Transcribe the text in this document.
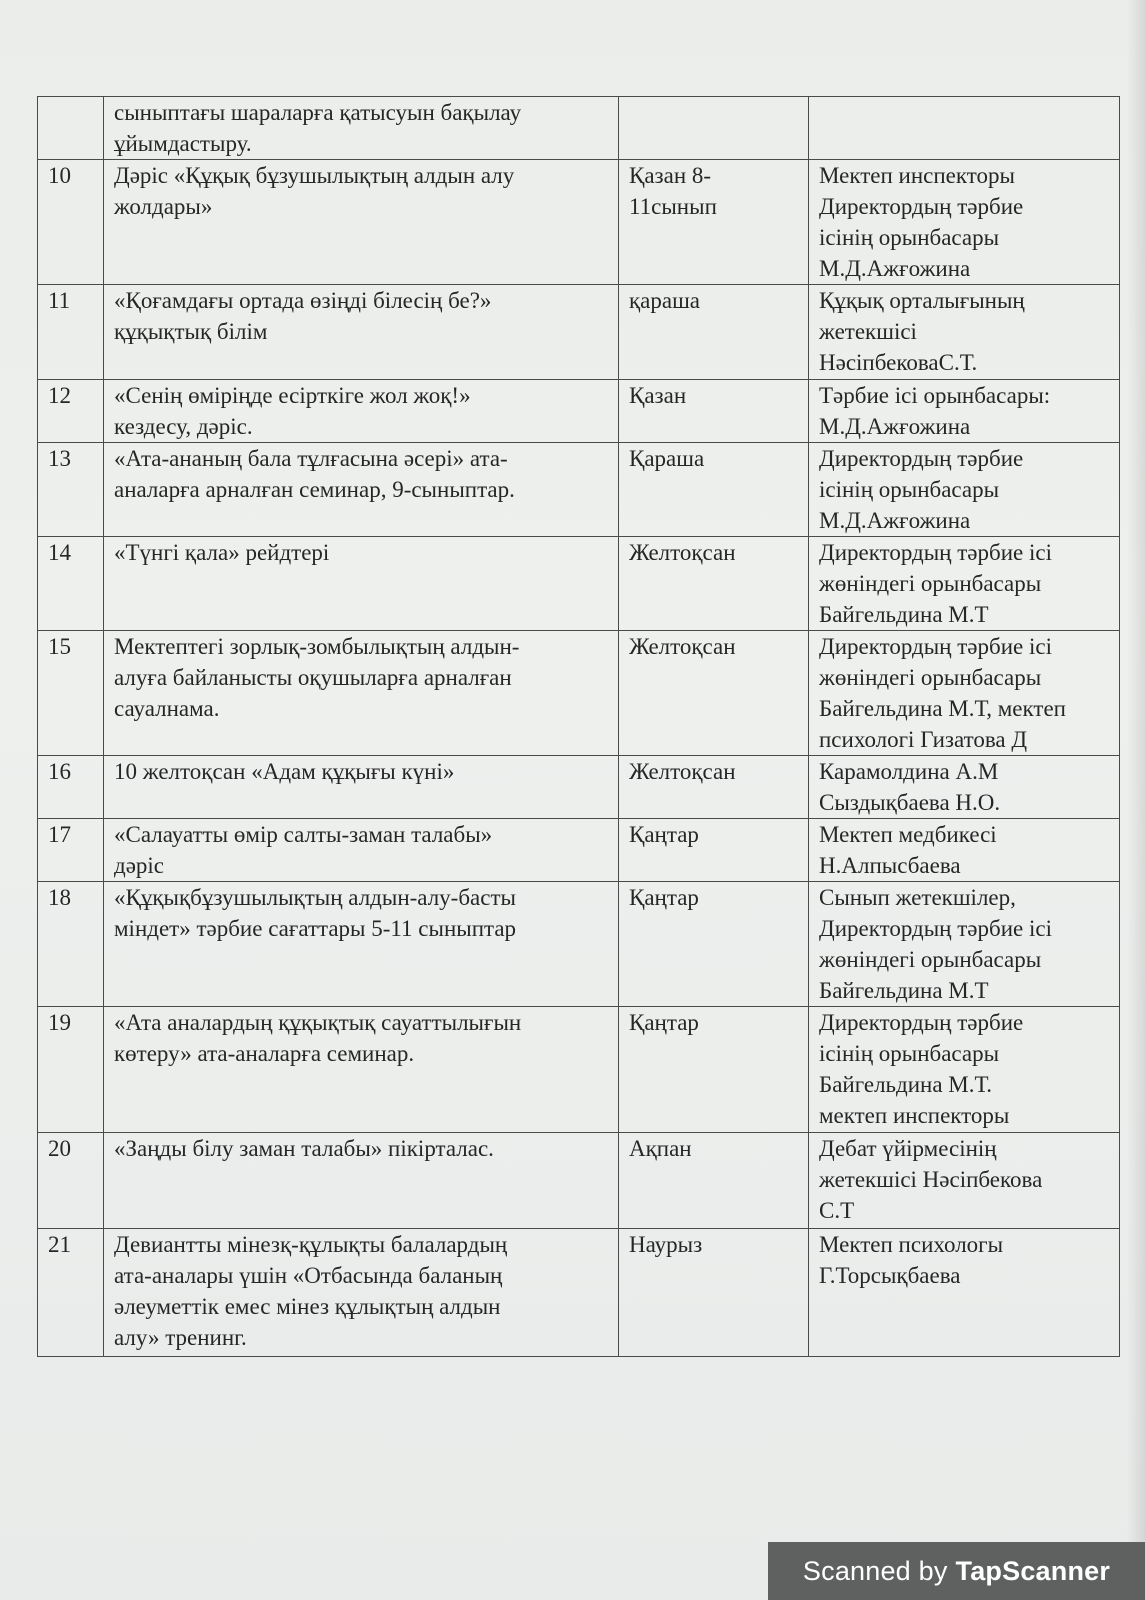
	сыныптағы шараларға қатысуын бақылау
ұйымдастыру.		

10	Дәріс «Құқық бұзушылықтың алдын алу
жолдары»	Қазан 8-
11сынып	Мектеп инспекторы
Директордың тәрбие
ісінің орынбасары
М.Д.Ажғожина

11	«Қоғамдағы ортада өзіңді білесің бе?»
құқықтық білім	қараша	Құқық орталығының
жетекшісі
НәсіпбековаС.Т.

12	«Сенің өміріңде есірткіге жол жоқ!»
кездесу, дәріс.	Қазан	Тәрбие ісі орынбасары:
М.Д.Ажғожина

13	«Ата-ананың бала тұлғасына әсері» ата-
аналарға арналған семинар, 9-сыныптар.	Қараша	Директордың тәрбие
ісінің орынбасары
М.Д.Ажғожина

14	«Түнгі қала» рейдтері	Желтоқсан	Директордың тәрбие ісі
жөніндегі орынбасары
Байгельдина М.Т

15	Мектептегі зорлық-зомбылықтың алдын-
алуға байланысты оқушыларға арналған
сауалнама.	Желтоқсан	Директордың тәрбие ісі
жөніндегі орынбасары
Байгельдина М.Т, мектеп
психологі Гизатова Д

16	10 желтоқсан «Адам құқығы күні»	Желтоқсан	Карамолдина А.М
Сыздықбаева Н.О.

17	«Салауатты өмір салты-заман талабы»
дәріс	Қаңтар	Мектеп медбикесі
Н.Алпысбаева

18	«Құқықбұзушылықтың алдын-алу-басты
міндет» тәрбие сағаттары 5-11 сыныптар	Қаңтар	Сынып жетекшілер,
Директордың тәрбие ісі
жөніндегі орынбасары
Байгельдина М.Т

19	«Ата аналардың құқықтық сауаттылығын
көтеру» ата-аналарға семинар.	Қаңтар	Директордың тәрбие
ісінің орынбасары
Байгельдина М.Т.
мектеп инспекторы

20	«Заңды білу заман талабы» пікірталас.	Ақпан	Дебат үйірмесінің
жетекшісі Нәсіпбекова
С.Т

21	Девиантты мінезқ-құлықты балалардың
ата-аналары үшін «Отбасында баланың
әлеуметтік емес мінез құлықтың алдын
алу» тренинг.	Наурыз	Мектеп психологы
Г.Торсықбаева
Scanned by TapScanner
